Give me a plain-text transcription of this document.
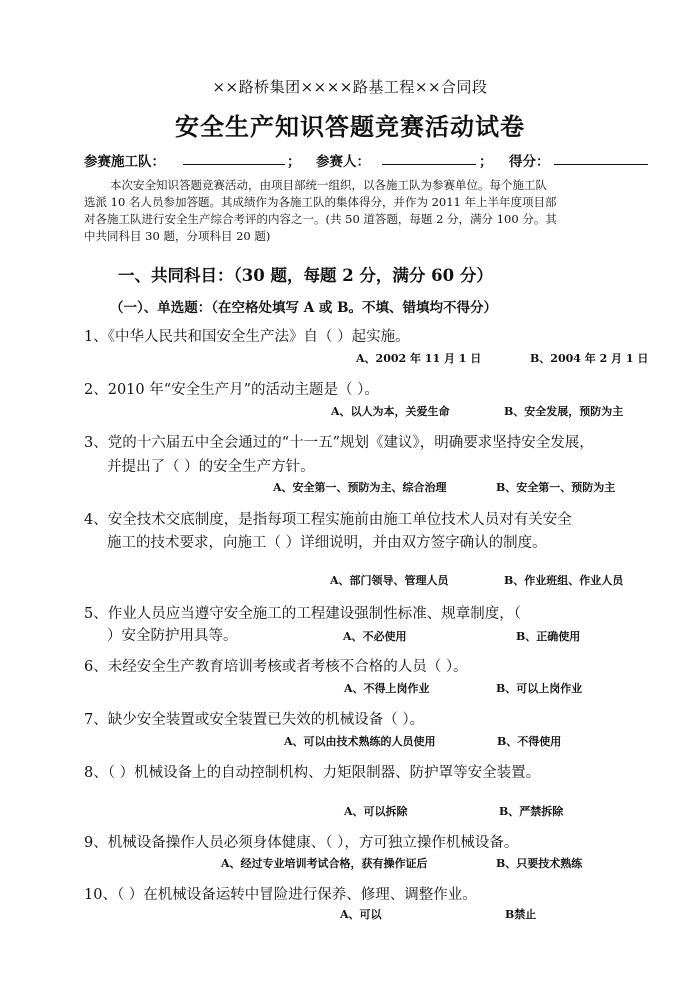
××路桥集团××××路基工程××合同段
安全生产知识答题竞赛活动试卷
参赛施工队：	； 参赛人：	； 得分：
本次安全知识答题竞赛活动，由项目部统一组织，以各施工队为参赛单位。每个施工队
选派 10 名人员参加答题。其成绩作为各施工队的集体得分，并作为 2011 年上半年度项目部
对各施工队进行安全生产综合考评的内容之一。(共 50 道答题，每题 2 分，满分 100 分。其
中共同科目 30 题，分项科目 20 题)
一、共同科目：（30 题，每题 2 分，满分 60 分）
（一）、单选题：（在空格处填写 A 或 B。不填、错填均不得分）
1、《中华人民共和国安全生产法》自（ ）起实施。
A、2002 年 11 月 1 日	B、2004 年 2 月 1 日
2、2010 年“安全生产月”的活动主题是（ ）。
A、以人为本，关爱生命	B、安全发展，预防为主
3、党的十六届五中全会通过的“十一五”规划《建议》，明确要求坚持安全发展，
并提出了（ ）的安全生产方针。
A、安全第一、预防为主、综合治理	B、安全第一、预防为主
4、安全技术交底制度，是指每项工程实施前由施工单位技术人员对有关安全
施工的技术要求，向施工（ ）详细说明，并由双方签字确认的制度。
A、部门领导、管理人员	B、作业班组、作业人员
5、作业人员应当遵守安全施工的工程建设强制性标准、规章制度，（
）安全防护用具等。	A、不必使用	B、正确使用
6、未经安全生产教育培训考核或者考核不合格的人员（ ）。
A、不得上岗作业	B、可以上岗作业
7、缺少安全装置或安全装置已失效的机械设备（ ）。
A、可以由技术熟练的人员使用	B、不得使用
8、（ ）机械设备上的自动控制机构、力矩限制器、防护罩等安全装置。
A、可以拆除	B、严禁拆除
9、机械设备操作人员必须身体健康、（ ），方可独立操作机械设备。
A、经过专业培训考试合格，获有操作证后	B、只要技术熟练
10、（ ）在机械设备运转中冒险进行保养、修理、调整作业。
A、可以	B禁止
